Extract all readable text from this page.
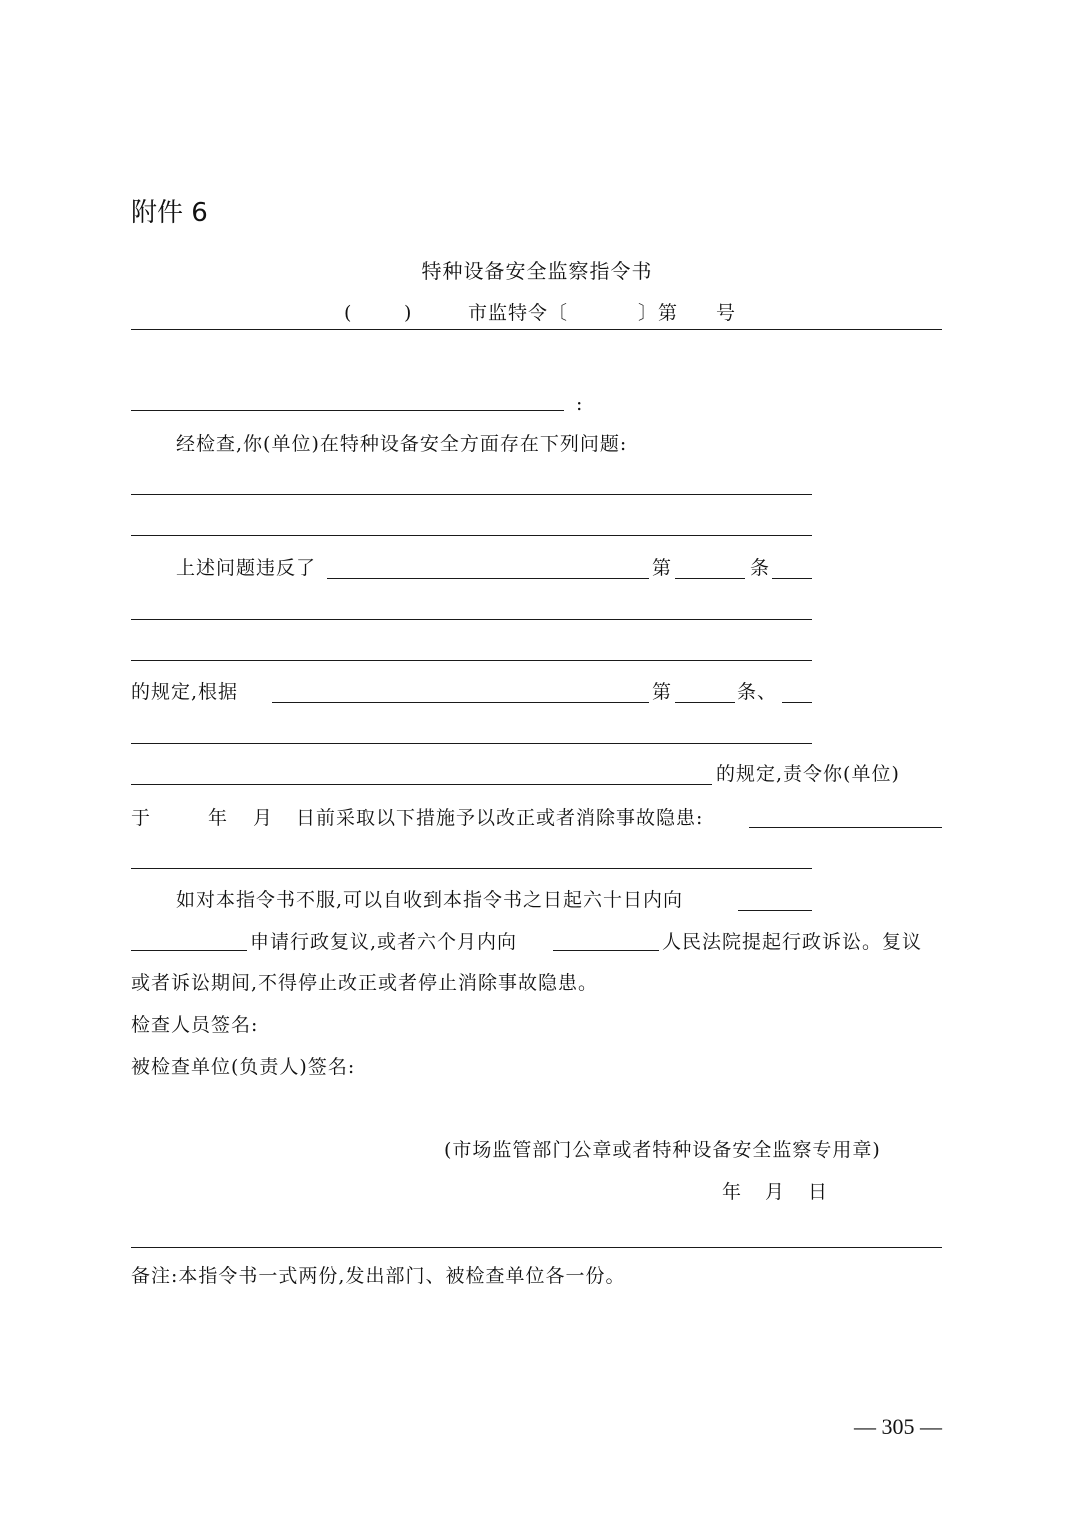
附件 6
特种设备安全监察指令书
(	)	市监特令〔	〕第 号
:
经检查,你(单位)在特种设备安全方面存在下列问题:
上述问题违反了	第	条
的规定,根据	第	条、
的规定,责令你(单位)
于	年 月 日前采取以下措施予以改正或者消除事故隐患:
如对本指令书不服,可以自收到本指令书之日起六十日内向
申请行政复议,或者六个月内向	人民法院提起行政诉讼。复议
或者诉讼期间,不得停止改正或者停止消除事故隐患。
检查人员签名:
被检查单位(负责人)签名:
(市场监管部门公章或者特种设备安全监察专用章)
年 月 日
备注:本指令书一式两份,发出部门、被检查单位各一份。
— 305 —
